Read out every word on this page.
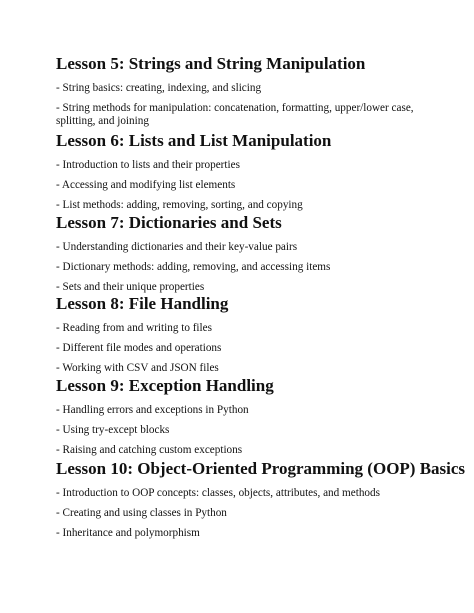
Lesson 5: Strings and String Manipulation
- String basics: creating, indexing, and slicing
- String methods for manipulation: concatenation, formatting, upper/lower case, splitting, and joining
Lesson 6: Lists and List Manipulation
- Introduction to lists and their properties
- Accessing and modifying list elements
- List methods: adding, removing, sorting, and copying
Lesson 7: Dictionaries and Sets
- Understanding dictionaries and their key-value pairs
- Dictionary methods: adding, removing, and accessing items
- Sets and their unique properties
Lesson 8: File Handling
- Reading from and writing to files
- Different file modes and operations
- Working with CSV and JSON files
Lesson 9: Exception Handling
- Handling errors and exceptions in Python
- Using try-except blocks
- Raising and catching custom exceptions
Lesson 10: Object-Oriented Programming (OOP) Basics
- Introduction to OOP concepts: classes, objects, attributes, and methods
- Creating and using classes in Python
- Inheritance and polymorphism
